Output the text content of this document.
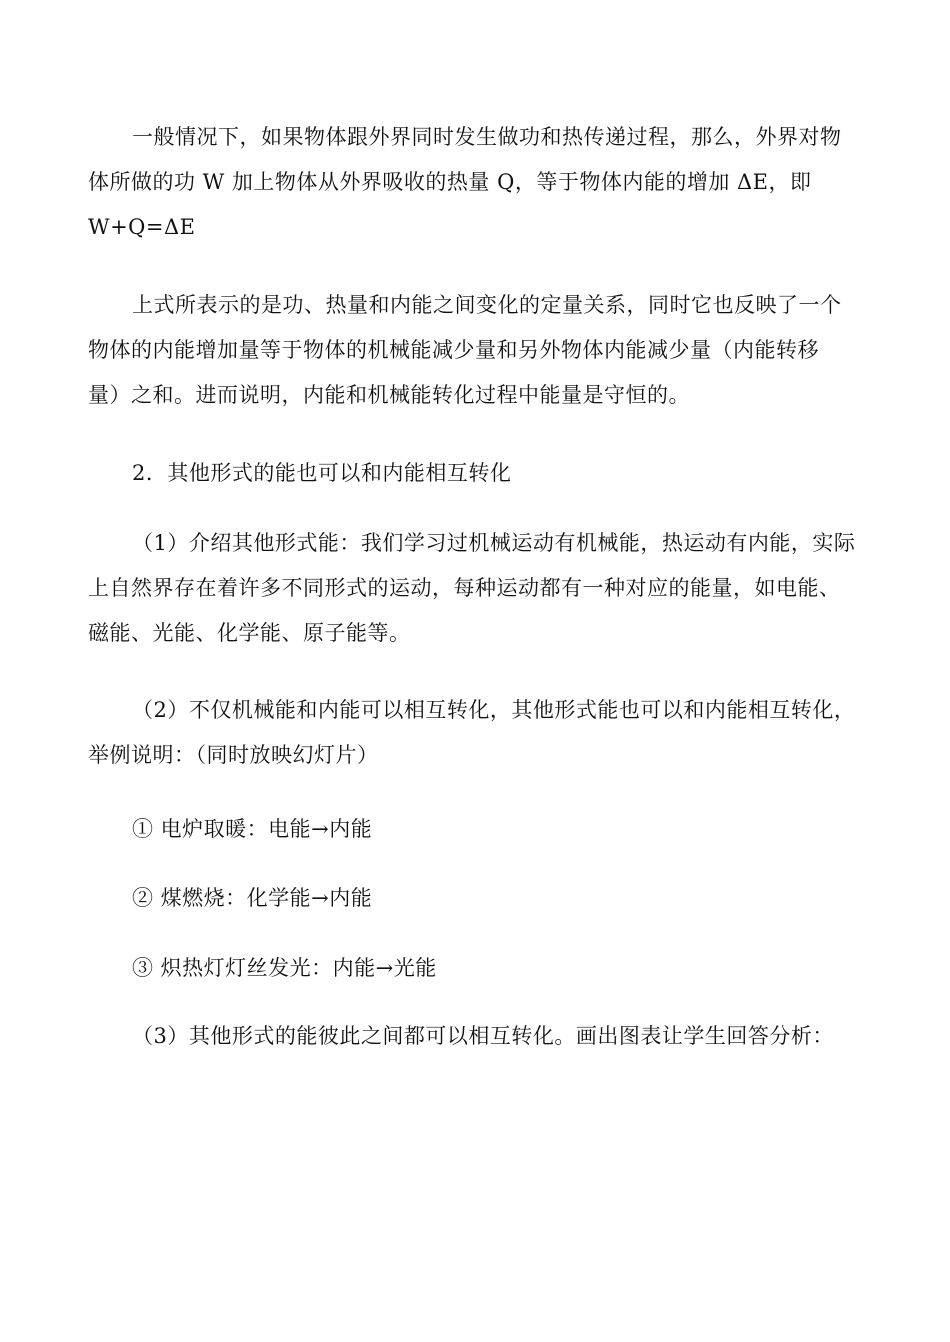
一般情况下，如果物体跟外界同时发生做功和热传递过程，那么，外界对物
体所做的功 W 加上物体从外界吸收的热量 Q，等于物体内能的增加 ΔE，即
W+Q=ΔE

上式所表示的是功、热量和内能之间变化的定量关系，同时它也反映了一个
物体的内能增加量等于物体的机械能减少量和另外物体内能减少量（内能转移
量）之和。进而说明，内能和机械能转化过程中能量是守恒的。

2．其他形式的能也可以和内能相互转化

（1）介绍其他形式能：我们学习过机械运动有机械能，热运动有内能，实际
上自然界存在着许多不同形式的运动，每种运动都有一种对应的能量，如电能、
磁能、光能、化学能、原子能等。

（2）不仅机械能和内能可以相互转化，其他形式能也可以和内能相互转化，
举例说明：（同时放映幻灯片）

① 电炉取暖：电能→内能

② 煤燃烧：化学能→内能

③ 炽热灯灯丝发光：内能→光能

（3）其他形式的能彼此之间都可以相互转化。画出图表让学生回答分析：
